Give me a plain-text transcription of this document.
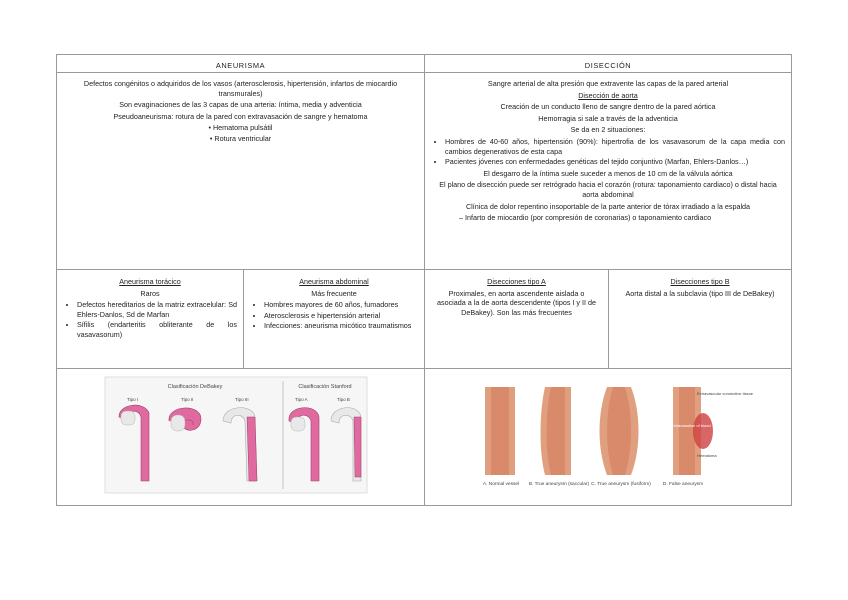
ANEURISMA	DISECCIÓN

Defectos congénitos o adquiridos de los vasos (arterosclerosis, hipertensión, infartos de miocardio transmurales)

Son evaginaciones de las 3 capas de una arteria: íntima, media y adventicia

Pseudoaneurisma: rotura de la pared con extravasación de sangre y hematoma

• Hematoma pulsátil
• Rotura ventricular

Sangre arterial de alta presión que extravente las capas de la pared arterial

Disección de aorta

Creación de un conducto lleno de sangre dentro de la pared aórtica

Hemorragia si sale a través de la adventicia

Se da en 2 situaciones:

• Hombres de 40-60 años, hipertensión (90%): hipertrofia de los vasavasorum de la capa media con cambios degenerativos de esta capa
• Pacientes jóvenes con enfermedades genéticas del tejido conjuntivo (Marfan, Ehlers-Danlos…)

El desgarro de la íntima suele suceder a menos de 10 cm de la válvula aórtica

El plano de disección puede ser retrógrado hacia el corazón (rotura: taponamiento cardiaco) o distal hacia aorta abdominal

Clínica de dolor repentino insoportable de la parte anterior de tórax irradiado a la espalda

– Infarto de miocardio (por compresión de coronarias) o taponamiento cardiaco

Aneurisma torácico

Raros

• Defectos hereditarios de la matriz extracelular: Sd Ehlers-Danlos, Sd de Marfan
• Sífilis (endarteritis obliterante de los vasavasorum)

Aneurisma abdominal

Más frecuente

• Hombres mayores de 60 años, fumadores
• Aterosclerosis e hipertensión arterial
• Infecciones: aneurisma micótico traumatismos

Disecciones tipo A

Proximales, en aorta ascendente aislada o asociada a la de aorta descendente (tipos I y II de DeBakey). Son las más frecuentes

Disecciones tipo B

Aorta distal a la subclavia (tipo III de DeBakey)

Clasificación DeBakey	Clasificación Stanford
Tipo I	Tipo II	Tipo III	Tipo A	Tipo B
A. Normal vessel B. True aneurysm (saccular) C. True aneurysm (fusiform)	D. False aneurysm
Extravascular connective tissue
Extravasation of blood
Hematoma
